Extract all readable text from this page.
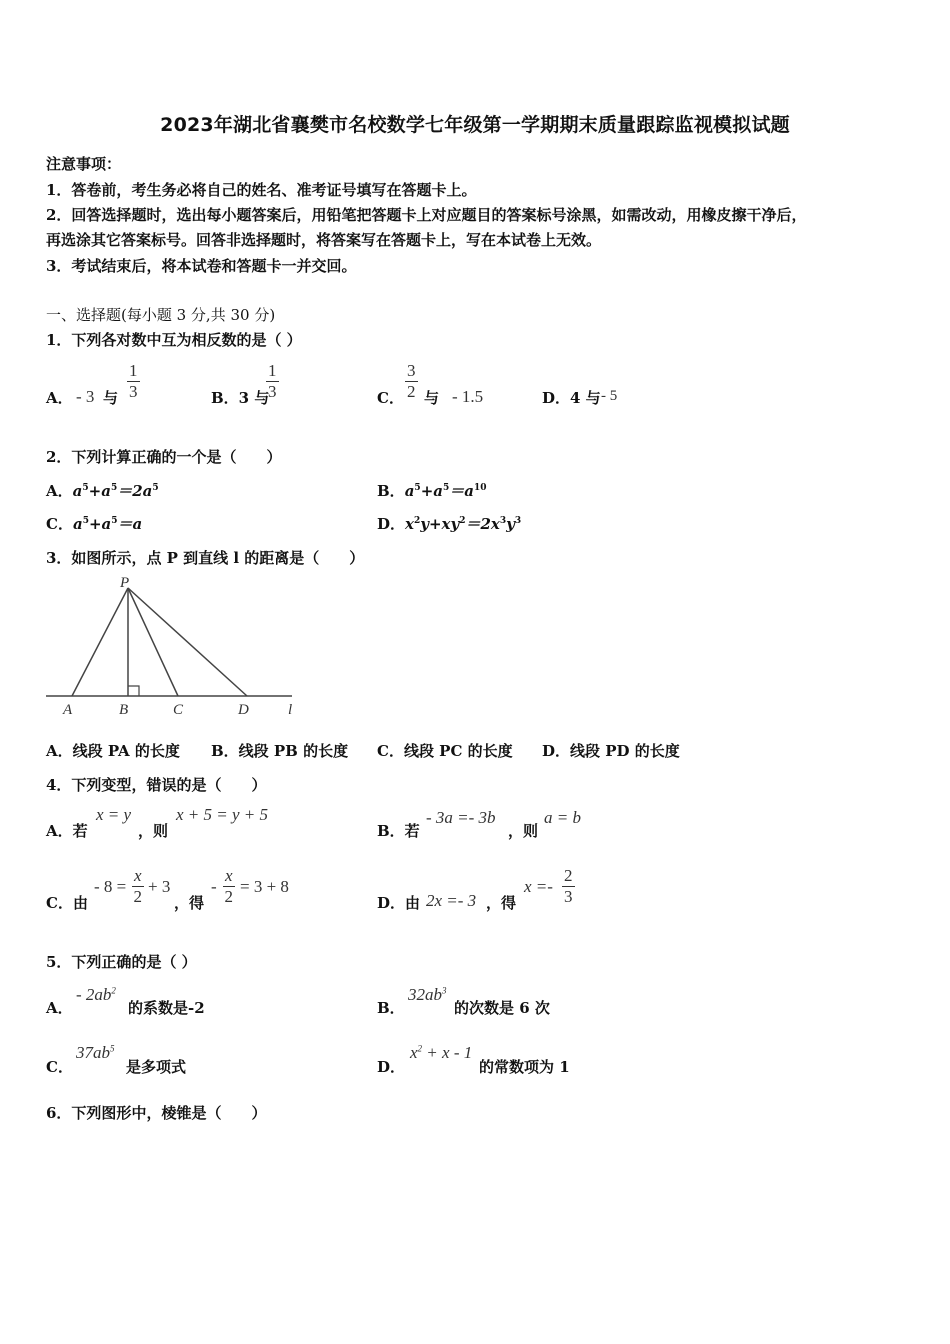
2023年湖北省襄樊市名校数学七年级第一学期期末质量跟踪监视模拟试题
注意事项：
1．答卷前，考生务必将自己的姓名、准考证号填写在答题卡上。
2．回答选择题时，选出每小题答案后，用铅笔把答题卡上对应题目的答案标号涂黑，如需改动，用橡皮擦干净后，
再选涂其它答案标号。回答非选择题时，将答案写在答题卡上，写在本试卷上无效。
3．考试结束后，将本试卷和答题卡一并交回。
一、选择题(每小题 3 分,共 30 分)
1．下列各对数中互为相反数的是（ ）
A． - 3 与 $\frac{1}{3}$	B．3 与
$\frac{1}{3}$	C． $\frac{3}{2}$ 与 - 1.5	D．4 与 - 5
2．下列计算正确的一个是（　　）
A．$a^5+a^5=2a^5$	B．$a^5+a^5=a^{10}$
C．$a^5+a^5=a$	D．$x^2y+xy^2=2x^3y^3$
3．如图所示，点 P 到直线 l 的距离是（　　）
P
A	B	C	D	l
A．线段 PA 的长度 B．线段 PB 的长度 C．线段 PC 的长度 D．线段 PD 的长度
4．下列变型，错误的是（　　）
A．若
x = y
，则
x + 5 = y + 5
B．若
- 3a =- 3b
，则
a = b
C．由
- $8 = \frac{x}{2} + 3$
，得
- $\frac{x}{2} = 3 + 8$
D．由 2x =- 3 ，得
$x =- \frac{2}{3}$
5．下列正确的是（ ）
A．
- $2ab^2$
的系数是-2	B．
$32ab^3$
的次数是 6 次
C．
$37ab^5$
是多项式	D．
$x^2 + x - 1$
的常数项为 1
6．下列图形中，棱锥是（　　）
